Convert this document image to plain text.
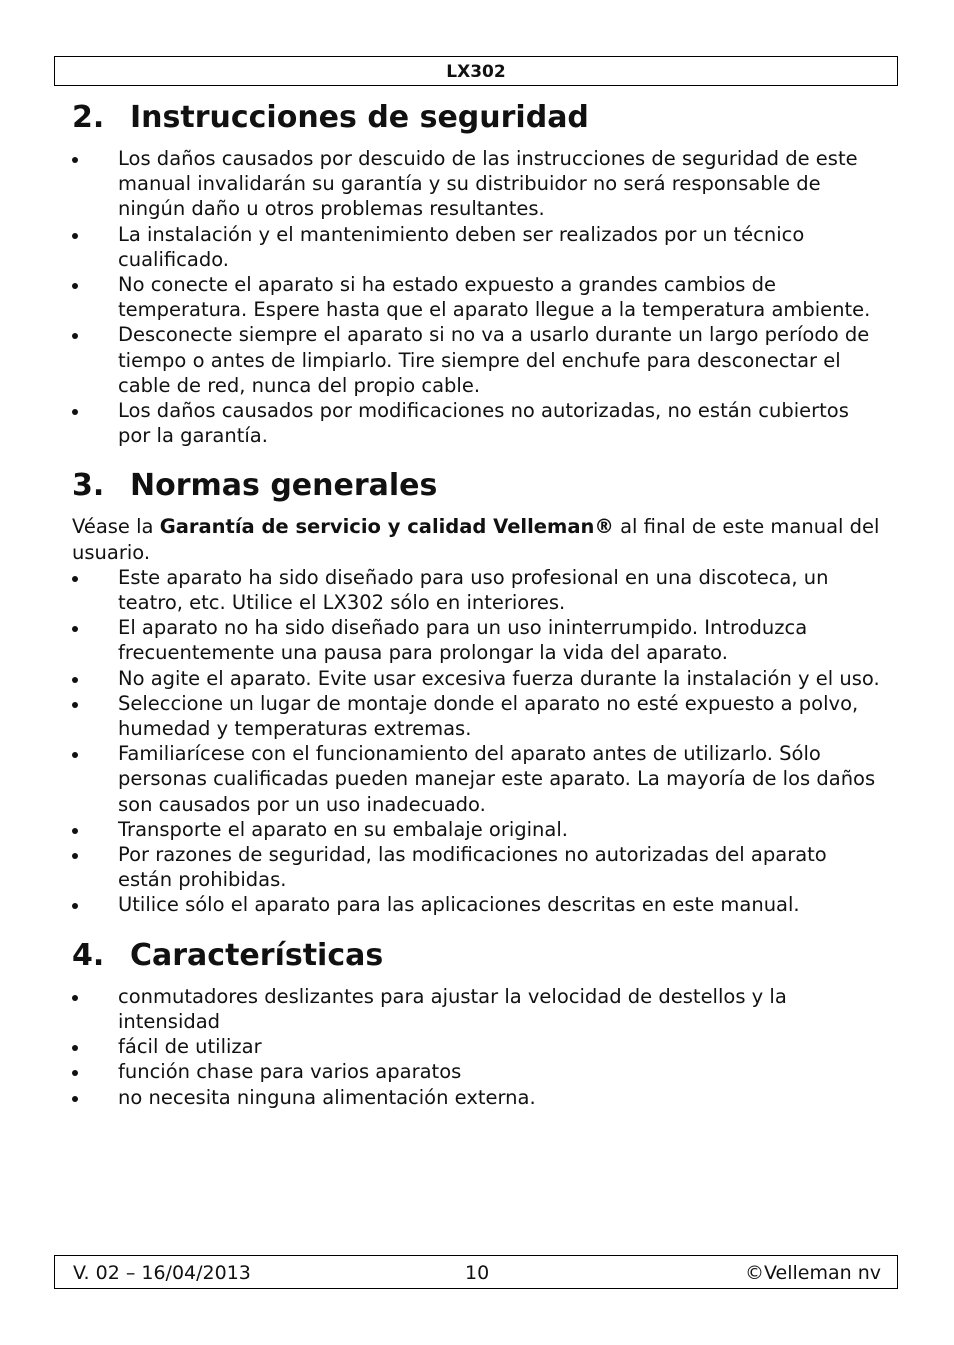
LX302
2. Instrucciones de seguridad
Los daños causados por descuido de las instrucciones de seguridad de este manual invalidarán su garantía y su distribuidor no será responsable de ningún daño u otros problemas resultantes.
La instalación y el mantenimiento deben ser realizados por un técnico cualificado.
No conecte el aparato si ha estado expuesto a grandes cambios de temperatura. Espere hasta que el aparato llegue a la temperatura ambiente.
Desconecte siempre el aparato si no va a usarlo durante un largo período de tiempo o antes de limpiarlo. Tire siempre del enchufe para desconectar el cable de red, nunca del propio cable.
Los daños causados por modificaciones no autorizadas, no están cubiertos por la garantía.
3. Normas generales

Véase la Garantía de servicio y calidad Velleman® al final de este manual del usuario.

Este aparato ha sido diseñado para uso profesional en una discoteca, un teatro, etc. Utilice el LX302 sólo en interiores.
El aparato no ha sido diseñado para un uso ininterrumpido. Introduzca frecuentemente una pausa para prolongar la vida del aparato.
No agite el aparato. Evite usar excesiva fuerza durante la instalación y el uso.
Seleccione un lugar de montaje donde el aparato no esté expuesto a polvo, humedad y temperaturas extremas.
Familiarícese con el funcionamiento del aparato antes de utilizarlo. Sólo personas cualificadas pueden manejar este aparato. La mayoría de los daños son causados por un uso inadecuado.
Transporte el aparato en su embalaje original.
Por razones de seguridad, las modificaciones no autorizadas del aparato están prohibidas.
Utilice sólo el aparato para las aplicaciones descritas en este manual.
4. Características
conmutadores deslizantes para ajustar la velocidad de destellos y la intensidad
fácil de utilizar
función chase para varios aparatos
no necesita ninguna alimentación externa.
V. 02 – 16/04/2013	10	©Velleman nv
